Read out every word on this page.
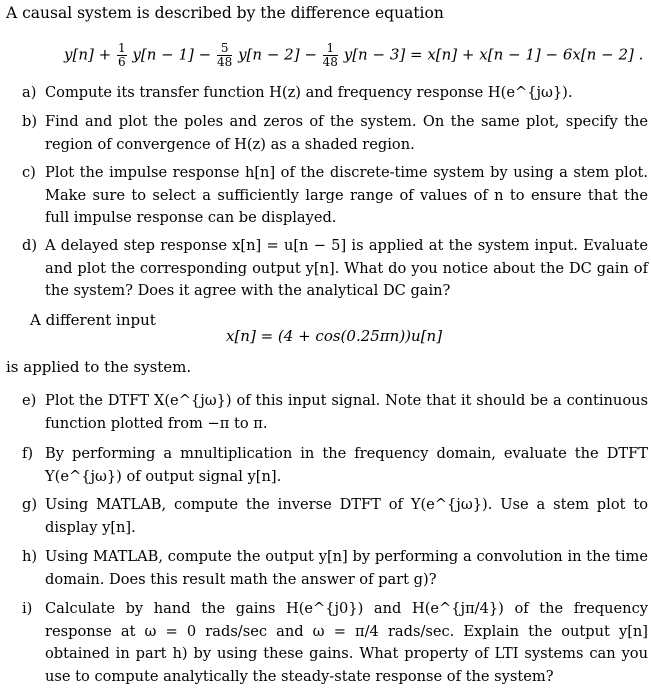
A causal system is described by the difference equation
$y[n] + \frac{1}{6} y[n - 1] - \frac{5}{48} y[n - 2] - \frac{1}{48} y[n - 3] = x[n] + x[n - 1] - 6x[n - 2]$ .
a) Compute its transfer function H(z) and frequency response H(e^{jω}).
b) Find and plot the poles and zeros of the system. On the same plot, specify the region of convergence of H(z) as a shaded region.
c) Plot the impulse response h[n] of the discrete-time system by using a stem plot. Make sure to select a sufficiently large range of values of n to ensure that the full impulse response can be displayed.
d) A delayed step response x[n] = u[n − 5] is applied at the system input. Evaluate and plot the corresponding output y[n]. What do you notice about the DC gain of the system? Does it agree with the analytical DC gain?
A different input
x[n] = (4 + cos(0.25πn))u[n]
is applied to the system.
e) Plot the DTFT X(e^{jω}) of this input signal. Note that it should be a continuous function plotted from −π to π.
f) By performing a mnultiplication in the frequency domain, evaluate the DTFT Y(e^{jω}) of output signal y[n].
g) Using MATLAB, compute the inverse DTFT of Y(e^{jω}). Use a stem plot to display y[n].
h) Using MATLAB, compute the output y[n] by performing a convolution in the time domain. Does this result math the answer of part g)?
i) Calculate by hand the gains H(e^{j0}) and H(e^{jπ/4}) of the frequency response at ω = 0 rads/sec and ω = π/4 rads/sec. Explain the output y[n] obtained in part h) by using these gains. What property of LTI systems can you use to compute analytically the steady-state response of the system?
